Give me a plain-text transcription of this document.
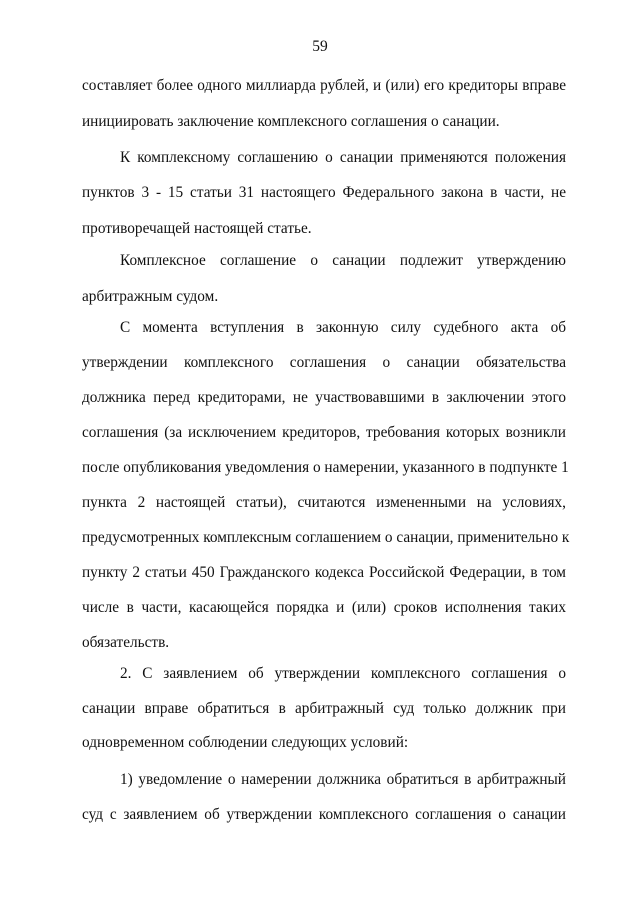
59
составляет более одного миллиарда рублей, и (или) его кредиторы вправе
инициировать заключение комплексного соглашения о санации.
К комплексному соглашению о санации применяются положения
пунктов 3 - 15 статьи 31 настоящего Федерального закона в части, не
противоречащей настоящей статье.
Комплексное соглашение о санации подлежит утверждению
арбитражным судом.
С момента вступления в законную силу судебного акта об
утверждении комплексного соглашения о санации обязательства
должника перед кредиторами, не участвовавшими в заключении этого
соглашения (за исключением кредиторов, требования которых возникли
после опубликования уведомления о намерении, указанного в подпункте 1
пункта 2 настоящей статьи), считаются измененными на условиях,
предусмотренных комплексным соглашением о санации, применительно к
пункту 2 статьи 450 Гражданского кодекса Российской Федерации, в том
числе в части, касающейся порядка и (или) сроков исполнения таких
обязательств.
2. С заявлением об утверждении комплексного соглашения о
санации вправе обратиться в арбитражный суд только должник при
одновременном соблюдении следующих условий:
1) уведомление о намерении должника обратиться в арбитражный
суд с заявлением об утверждении комплексного соглашения о санации
